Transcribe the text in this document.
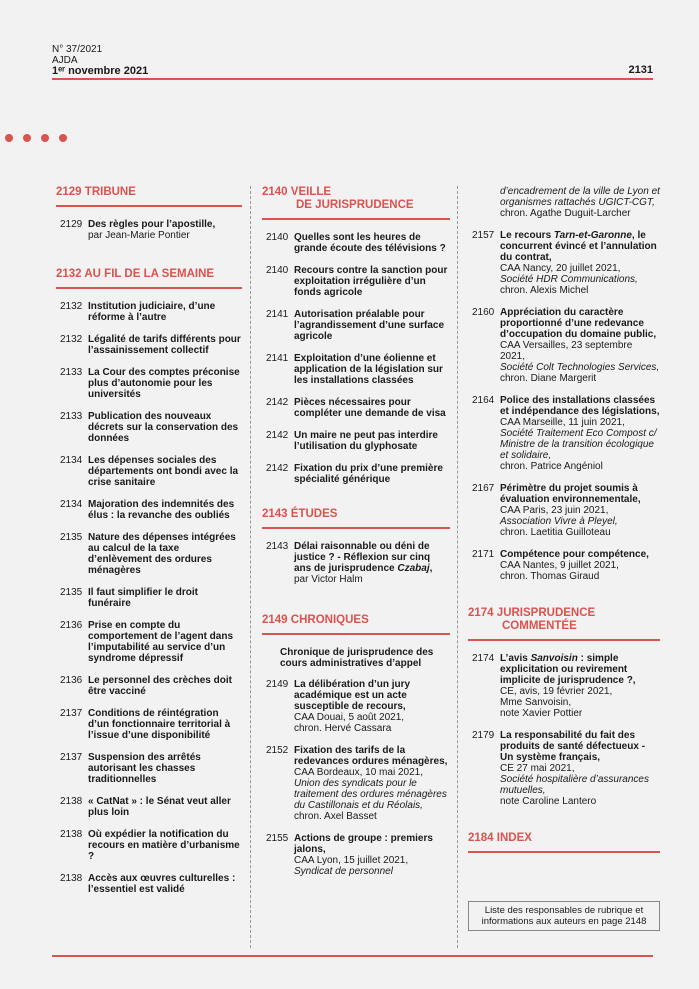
N° 37/2021
AJDA
1ᵉʳ novembre 2021	2131
2129 TRIBUNE
2129 Des règles pour l’apostille,
par Jean-Marie Pontier
2132 AU FIL DE LA SEMAINE
2132 Institution judiciaire, d’une réforme à l’autre
2132 Légalité de tarifs différents pour l’assainissement collectif
2133 La Cour des comptes préconise plus d’autonomie pour les universités
2133 Publication des nouveaux décrets sur la conservation des données
2134 Les dépenses sociales des départements ont bondi avec la crise sanitaire
2134 Majoration des indemnités des élus : la revanche des oubliés
2135 Nature des dépenses intégrées au calcul de la taxe d’enlèvement des ordures ménagères
2135 Il faut simplifier le droit funéraire
2136 Prise en compte du comportement de l’agent dans l’imputabilité au service d’un syndrome dépressif
2136 Le personnel des crèches doit être vacciné
2137 Conditions de réintégration d’un fonctionnaire territorial à l’issue d’une disponibilité
2137 Suspension des arrêtés autorisant les chasses traditionnelles
2138 « CatNat » : le Sénat veut aller plus loin
2138 Où expédier la notification du recours en matière d’urbanisme ?
2138 Accès aux œuvres culturelles : l’essentiel est validé
2140 VEILLE
DE JURISPRUDENCE
2140 Quelles sont les heures de grande écoute des télévisions ?
2140 Recours contre la sanction pour exploitation irrégulière d’un fonds agricole
2141 Autorisation préalable pour l’agrandissement d’une surface agricole
2141 Exploitation d’une éolienne et application de la législation sur les installations classées
2142 Pièces nécessaires pour compléter une demande de visa
2142 Un maire ne peut pas interdire l’utilisation du glyphosate
2142 Fixation du prix d’une première spécialité générique
2143 ÉTUDES
2143 Délai raisonnable ou déni de justice ? - Réflexion sur cinq ans de jurisprudence Czabaj,
par Victor Halm
2149 CHRONIQUES
Chronique de jurisprudence des cours administratives d’appel
2149 La délibération d’un jury académique est un acte susceptible de recours,
CAA Douai, 5 août 2021,
chron. Hervé Cassara
2152 Fixation des tarifs de la redevances ordures ménagères,
CAA Bordeaux, 10 mai 2021,
Union des syndicats pour le traitement des ordures ménagères du Castillonais et du Réolais,
chron. Axel Basset
2155 Actions de groupe : premiers jalons,
CAA Lyon, 15 juillet 2021,
Syndicat de personnel
d’encadrement de la ville de Lyon et organismes rattachés UGICT-CGT,
chron. Agathe Duguit-Larcher
2157 Le recours Tarn-et-Garonne, le concurrent évincé et l’annulation du contrat,
CAA Nancy, 20 juillet 2021,
Société HDR Communications,
chron. Alexis Michel
2160 Appréciation du caractère proportionné d’une redevance d’occupation du domaine public,
CAA Versailles, 23 septembre 2021,
Société Colt Technologies Services,
chron. Diane Margerit
2164 Police des installations classées et indépendance des législations,
CAA Marseille, 11 juin 2021,
Société Traitement Eco Compost c/ Ministre de la transition écologique et solidaire,
chron. Patrice Angéniol
2167 Périmètre du projet soumis à évaluation environnementale,
CAA Paris, 23 juin 2021,
Association Vivre à Pleyel,
chron. Laetitia Guilloteau
2171 Compétence pour compétence,
CAA Nantes, 9 juillet 2021,
chron. Thomas Giraud
2174 JURISPRUDENCE
COMMENTÉE
2174 L’avis Sanvoisin : simple explicitation ou revirement implicite de jurisprudence ?,
CE, avis, 19 février 2021,
Mme Sanvoisin,
note Xavier Pottier
2179 La responsabilité du fait des produits de santé défectueux - Un système français,
CE 27 mai 2021,
Société hospitalière d’assurances mutuelles,
note Caroline Lantero
2184 INDEX
Liste des responsables de rubrique et informations aux auteurs en page 2148
